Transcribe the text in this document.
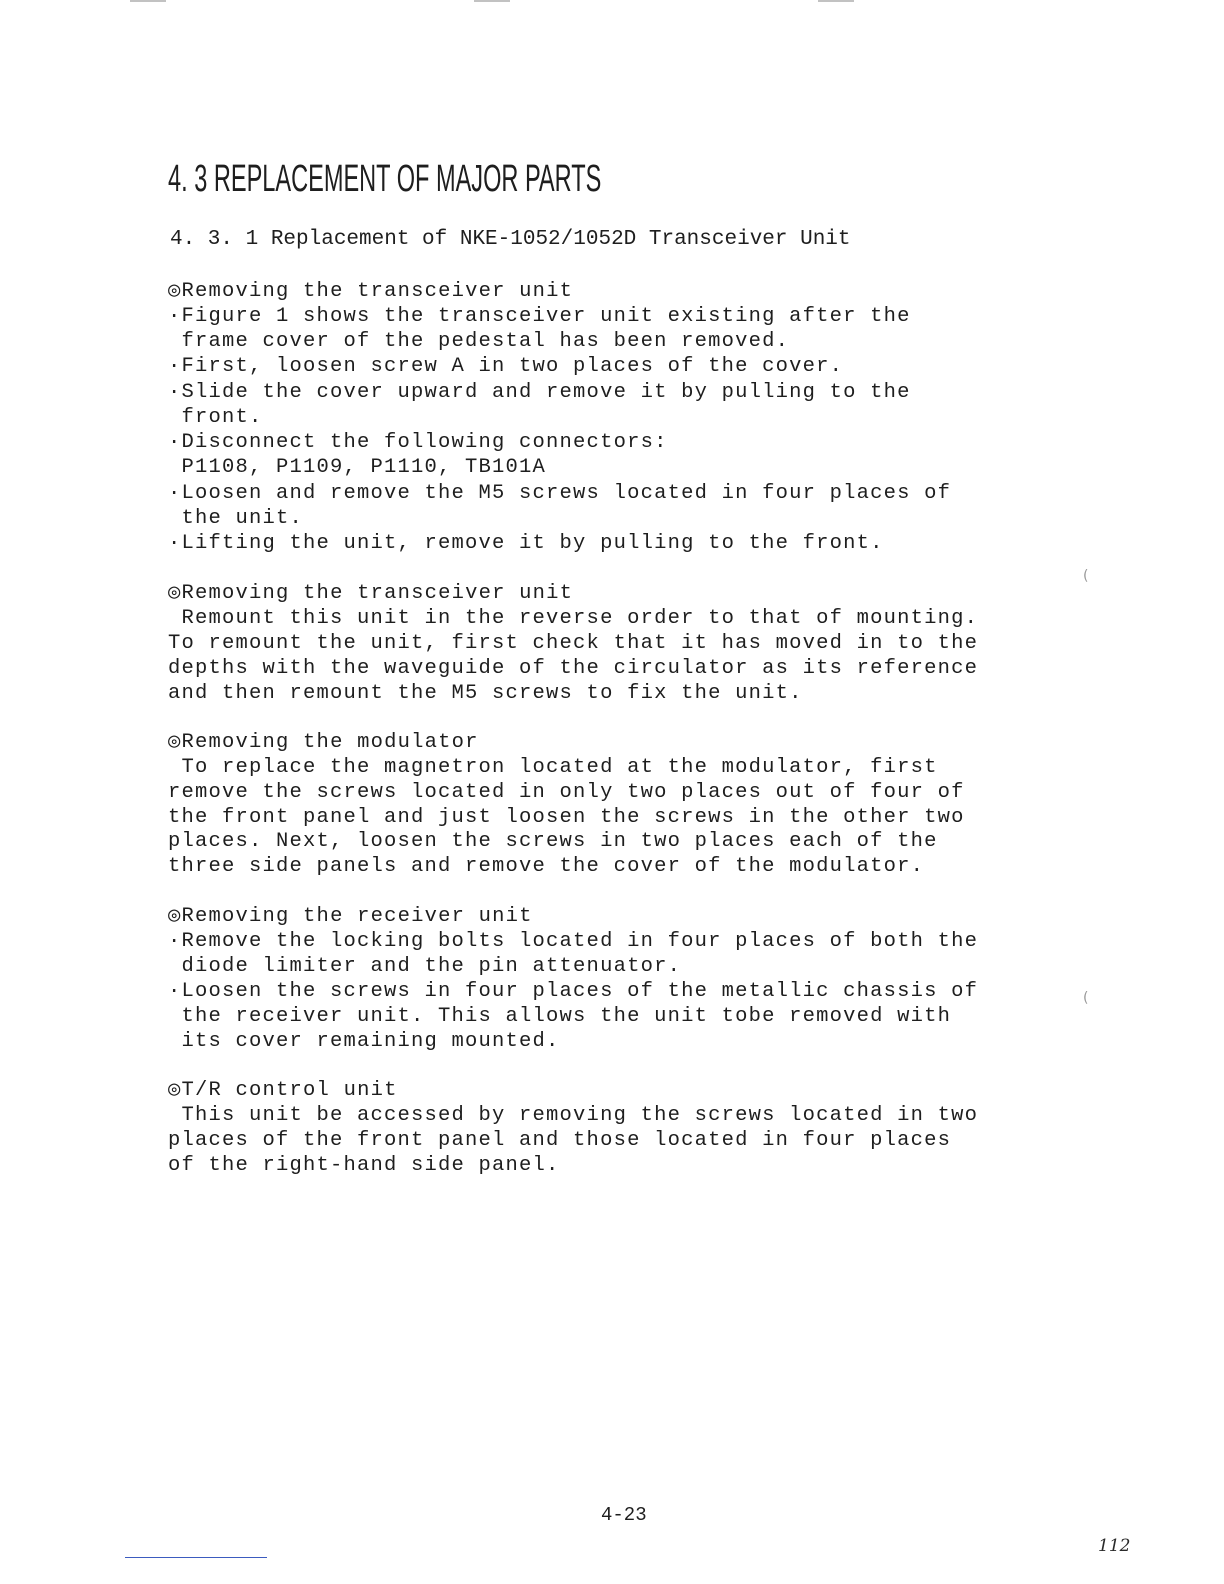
4. 3 REPLACEMENT OF MAJOR PARTS
4. 3. 1 Replacement of NKE-1052/1052D Transceiver Unit
◎Removing the transceiver unit
·Figure 1 shows the transceiver unit existing after the
frame cover of the pedestal has been removed.
·First, loosen screw A in two places of the cover.
·Slide the cover upward and remove it by pulling to the
front.
·Disconnect the following connectors:
P1108, P1109, P1110, TB101A
·Loosen and remove the M5 screws located in four places of
the unit.
·Lifting the unit, remove it by pulling to the front.
◎Removing the transceiver unit
Remount this unit in the reverse order to that of mounting.
To remount the unit, first check that it has moved in to the
depths with the waveguide of the circulator as its reference
and then remount the M5 screws to fix the unit.
◎Removing the modulator
To replace the magnetron located at the modulator, first
remove the screws located in only two places out of four of
the front panel and just loosen the screws in the other two
places. Next, loosen the screws in two places each of the
three side panels and remove the cover of the modulator.
◎Removing the receiver unit
·Remove the locking bolts located in four places of both the
diode limiter and the pin attenuator.
·Loosen the screws in four places of the metallic chassis of
the receiver unit. This allows the unit tobe removed with
its cover remaining mounted.
◎T/R control unit
This unit be accessed by removing the screws located in two
places of the front panel and those located in four places
of the right-hand side panel.
(
(
4-23
112
